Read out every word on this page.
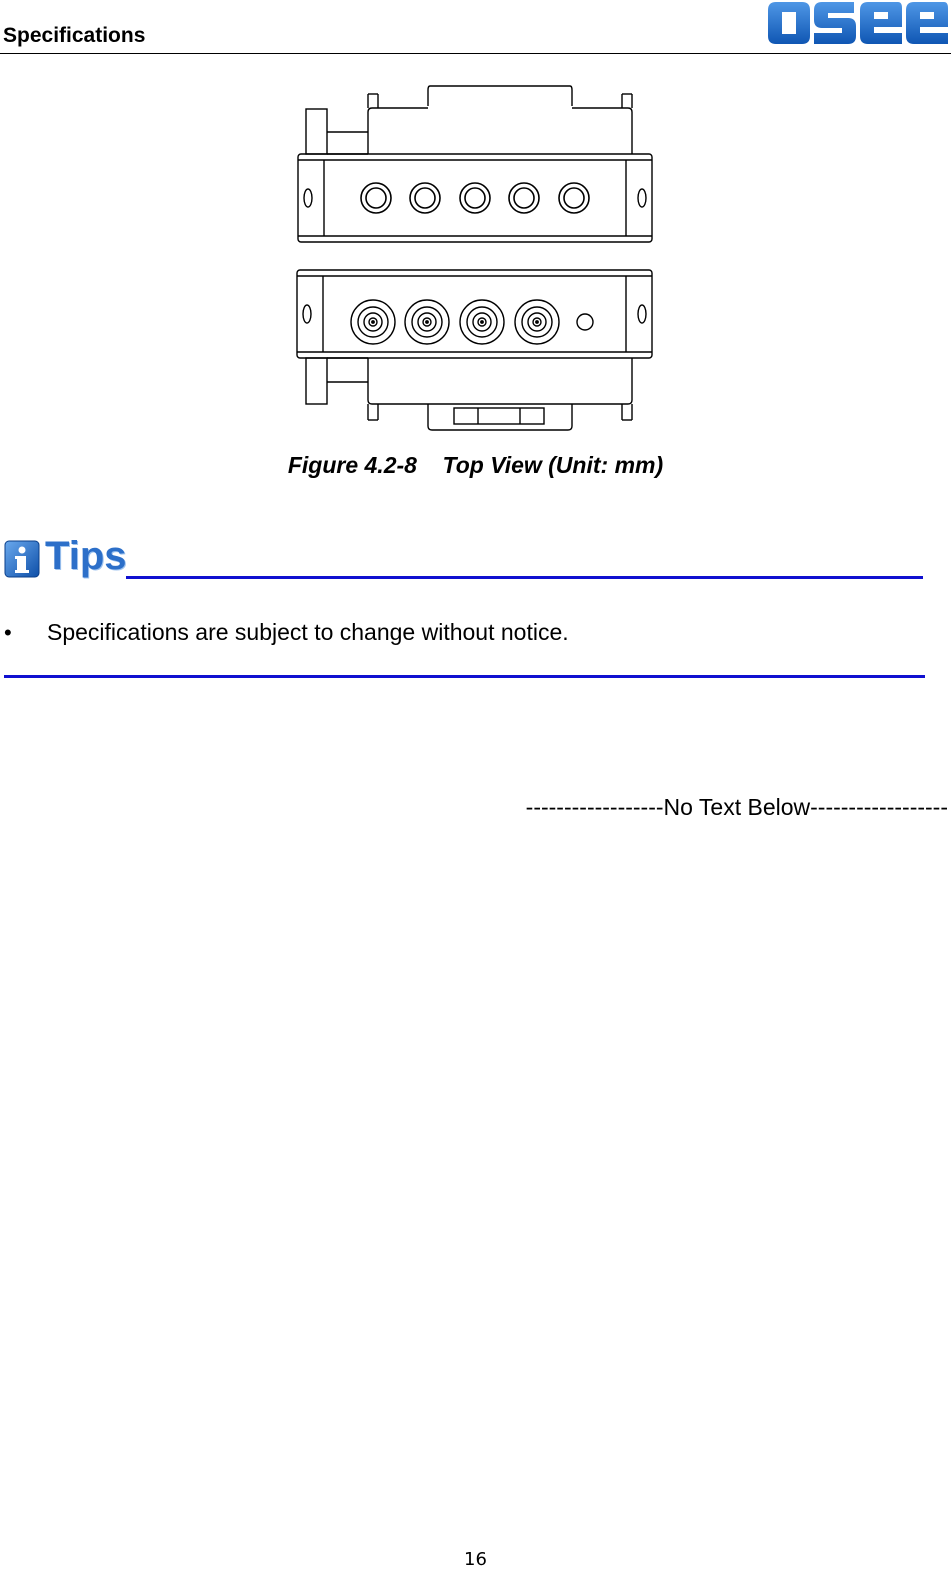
Specifications
Figure 4.2-8 Top View (Unit: mm)
Tips
• Specifications are subject to change without notice.
------------------No Text Below------------------
16
